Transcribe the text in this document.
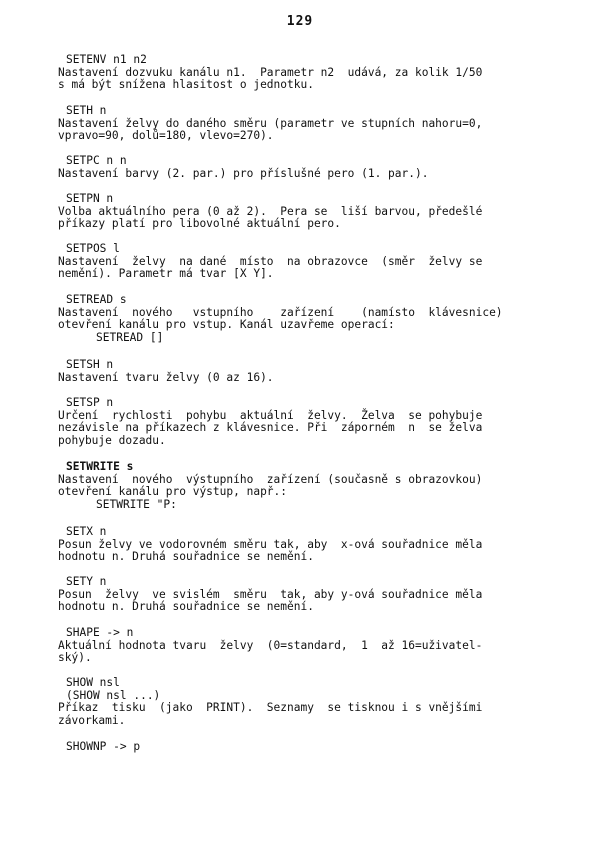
129
SETENV n1 n2
Nastavení dozvuku kanálu n1.  Parametr n2  udává, za kolik 1/50
s má být snížena hlasitost o jednotku.
SETH n
Nastavení želvy do daného směru (parametr ve stupních nahoru=0,
vpravo=90, dolů=180, vlevo=270).
SETPC n n
Nastavení barvy (2. par.) pro příslušné pero (1. par.).
SETPN n
Volba aktuálního pera (0 až 2).  Pera se  liší barvou, předešlé
příkazy platí pro libovolné aktuální pero.
SETPOS l
Nastavení  želvy  na dané  místo  na obrazovce  (směr  želvy se
nemění). Parametr má tvar [X Y].
SETREAD s
Nastavení  nového   vstupního    zařízení    (namísto  klávesnice)
otevření kanálu pro vstup. Kanál uzavřeme operací:
SETREAD []
SETSH n
Nastavení tvaru želvy (0 az 16).
SETSP n
Určení  rychlosti  pohybu  aktuální  želvy.  Želva  se pohybuje
nezávisle na příkazech z klávesnice. Při  záporném  n  se želva
pohybuje dozadu.
SETWRITE s
Nastavení  nového  výstupního  zařízení (současně s obrazovkou)
otevření kanálu pro výstup, např.:
SETWRITE "P:
SETX n
Posun želvy ve vodorovném směru tak, aby  x-ová souřadnice měla
hodnotu n. Druhá souřadnice se nemění.
SETY n
Posun  želvy  ve svislém  směru  tak, aby y-ová souřadnice měla
hodnotu n. Druhá souřadnice se nemění.
SHAPE -> n
Aktuální hodnota tvaru  želvy  (0=standard,  1  až 16=uživatel-
ský).
SHOW nsl
(SHOW nsl ...)
Příkaz  tisku  (jako  PRINT).  Seznamy  se tisknou i s vnějšími
závorkami.
SHOWNP -> p
